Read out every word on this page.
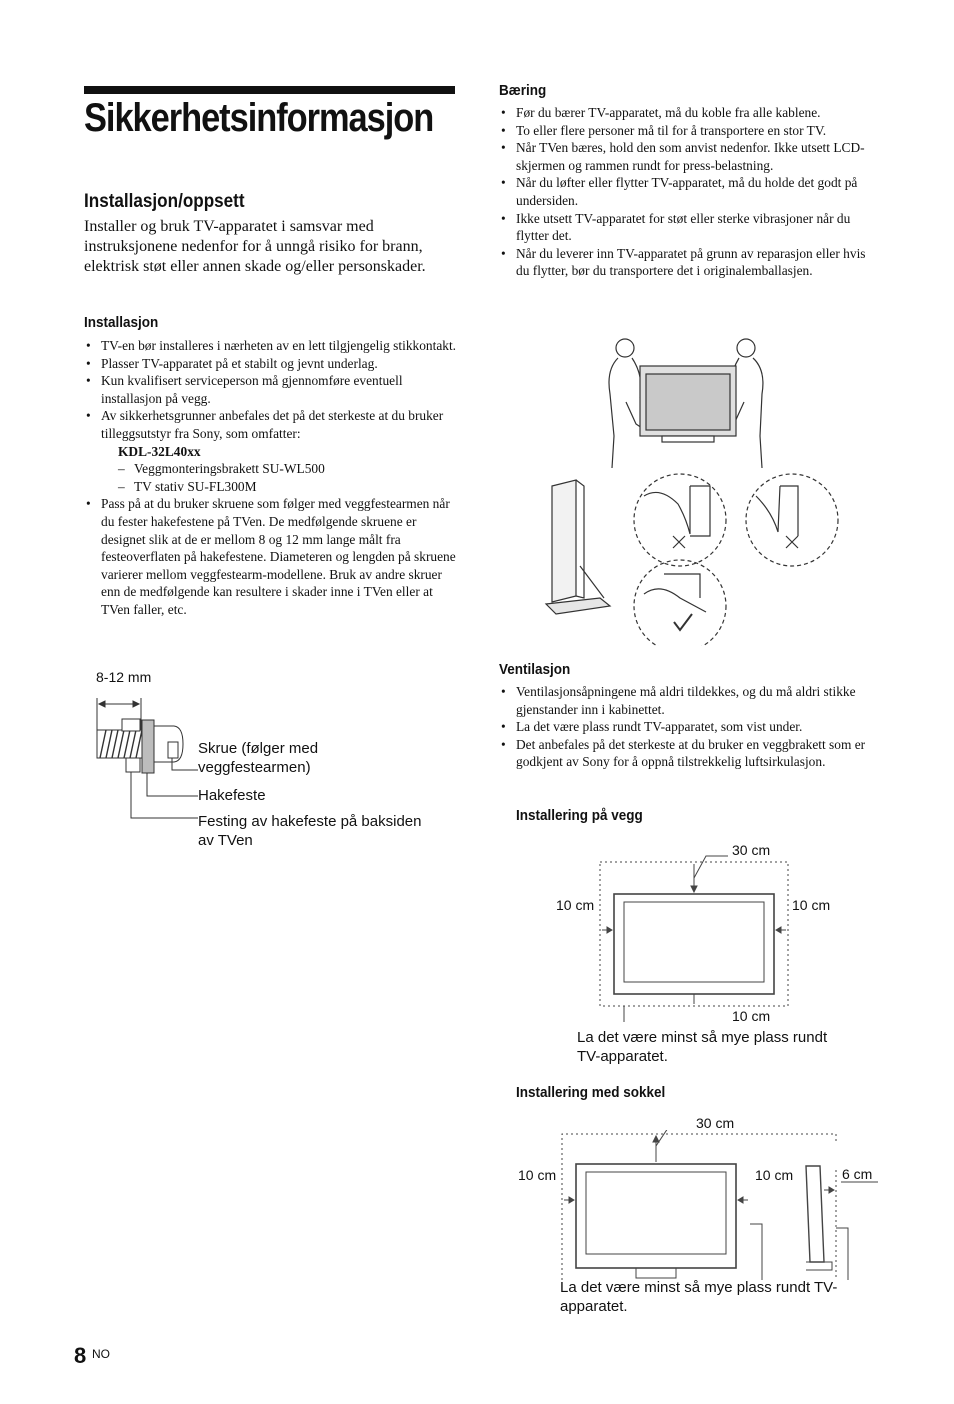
Sikkerhetsinformasjon
Installasjon/oppsett
Installer og bruk TV-apparatet i samsvar med instruksjonene nedenfor for å unngå risiko for brann, elektrisk støt eller annen skade og/eller personskader.
Installasjon
• TV-en bør installeres i nærheten av en lett tilgjengelig stikkontakt.
• Plasser TV-apparatet på et stabilt og jevnt underlag.
• Kun kvalifisert serviceperson må gjennomføre eventuell installasjon på vegg.
• Av sikkerhetsgrunner anbefales det på det sterkeste at du bruker tilleggsutstyr fra Sony, som omfatter:
KDL-32L40xx
– Veggmonteringsbrakett SU-WL500
– TV stativ SU-FL300M
• Pass på at du bruker skruene som følger med veggfestearmen når du fester hakefestene på TVen. De medfølgende skruene er designet slik at de er mellom 8 og 12 mm lange målt fra festeoverflaten på hakefestene. Diameteren og lengden på skruene varierer mellom veggfestearm-modellene. Bruk av andre skruer enn de medfølgende kan resultere i skader inne i TVen eller at TVen faller, etc.
8-12 mm
Skrue (følger med
veggfestearmen)
Hakefeste
Festing av hakefeste på baksiden
av TVen
Bæring
• Før du bærer TV-apparatet, må du koble fra alle kablene.
• To eller flere personer må til for å transportere en stor TV.
• Når TVen bæres, hold den som anvist nedenfor. Ikke utsett LCD-skjermen og rammen rundt for press-belastning.
• Når du løfter eller flytter TV-apparatet, må du holde det godt på undersiden.
• Ikke utsett TV-apparatet for støt eller sterke vibrasjoner når du flytter det.
• Når du leverer inn TV-apparatet på grunn av reparasjon eller hvis du flytter, bør du transportere det i originalemballasjen.
Ventilasjon
• Ventilasjonsåpningene må aldri tildekkes, og du må aldri stikke gjenstander inn i kabinettet.
• La det være plass rundt TV-apparatet, som vist under.
• Det anbefales på det sterkeste at du bruker en veggbrakett som er godkjent av Sony for å oppnå tilstrekkelig luftsirkulasjon.
Installering på vegg
30 cm
10 cm	10 cm
10 cm
La det være minst så mye plass rundt
TV-apparatet.
Installering med sokkel
30 cm
10 cm	10 cm	6 cm
La det være minst så mye plass rundt TV-
apparatet.
8 NO
